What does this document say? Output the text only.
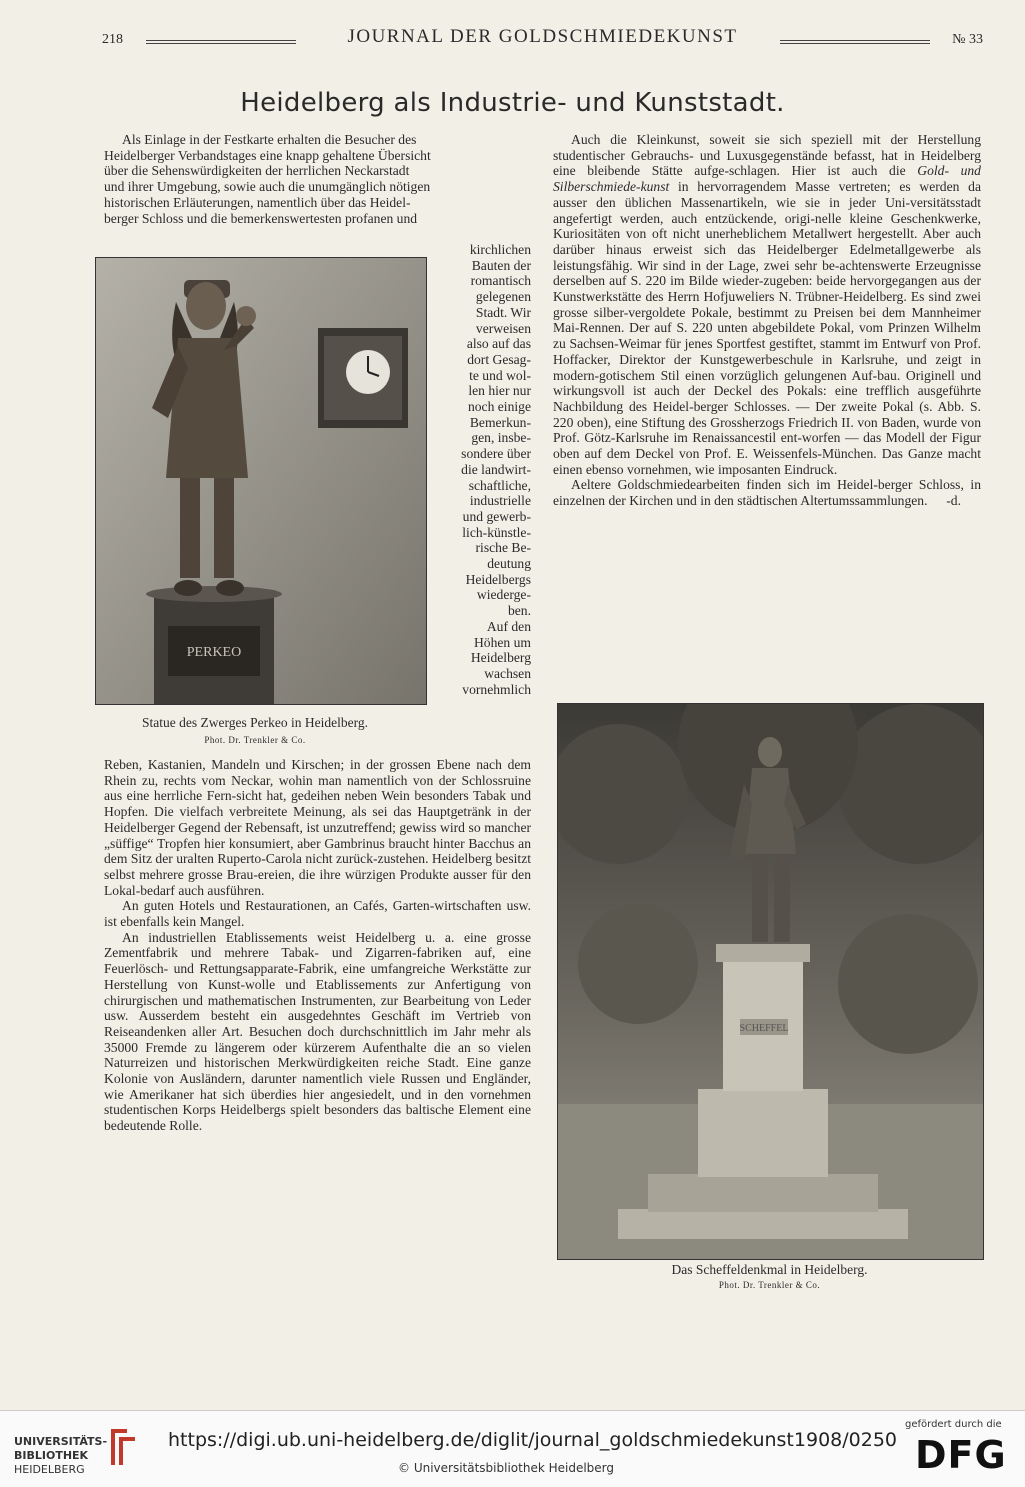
218	JOURNAL DER GOLDSCHMIEDEKUNST	№ 33
Heidelberg als Industrie- und Kunststadt.

Als Einlage in der Festkarte erhalten die Besucher des

Heidelberger Verbandstages eine knapp gehaltene Übersicht

über die Sehenswürdigkeiten der herrlichen Neckarstadt

und ihrer Umgebung, sowie auch die unumgänglich nötigen

historischen Erläuterungen, namentlich über das Heidel-

berger Schloss und die bemerkenswertesten profanen und

kirchlichen
Bauten der
romantisch
gelegenen
Stadt. Wir
verweisen
also auf das
dort Gesag-
te und wol-
len hier nur
noch einige
Bemerkun-
gen, insbe-
sondere über
die landwirt-
schaftliche,
industrielle
und gewerb-
lich-künstle-
rische Be-
deutung
Heidelbergs
wiederge-
ben.
Auf den
Höhen um
Heidelberg
wachsen
vornehmlich
PERKEO
Statue des Zwerges Perkeo in Heidelberg.
Phot. Dr. Trenkler & Co.

Reben, Kastanien, Mandeln und Kirschen; in der grossen Ebene nach dem Rhein zu, rechts vom Neckar, wohin man namentlich von der Schlossruine aus eine herrliche Fern-sicht hat, gedeihen neben Wein besonders Tabak und Hopfen. Die vielfach verbreitete Meinung, als sei das Hauptgetränk in der Heidelberger Gegend der Rebensaft, ist unzutreffend; gewiss wird so mancher „süffige“ Tropfen hier konsumiert, aber Gambrinus braucht hinter Bacchus an dem Sitz der uralten Ruperto-Carola nicht zurück-zustehen. Heidelberg besitzt selbst mehrere grosse Brau-ereien, die ihre würzigen Produkte ausser für den Lokal-bedarf auch ausführen.

An guten Hotels und Restaurationen, an Cafés, Garten-wirtschaften usw. ist ebenfalls kein Mangel.

An industriellen Etablissements weist Heidelberg u. a. eine grosse Zementfabrik und mehrere Tabak- und Zigarren-fabriken auf, eine Feuerlösch- und Rettungsapparate-Fabrik, eine umfangreiche Werkstätte zur Herstellung von Kunst-wolle und Etablissements zur Anfertigung von chirurgischen und mathematischen Instrumenten, zur Bearbeitung von Leder usw. Ausserdem besteht ein ausgedehntes Geschäft im Vertrieb von Reiseandenken aller Art. Besuchen doch durchschnittlich im Jahr mehr als 35000 Fremde zu längerem oder kürzerem Aufenthalte die an so vielen Naturreizen und historischen Merkwürdigkeiten reiche Stadt. Eine ganze Kolonie von Ausländern, darunter namentlich viele Russen und Engländer, wie Amerikaner hat sich überdies hier angesiedelt, und in den vornehmen studentischen Korps Heidelbergs spielt besonders das baltische Element eine bedeutende Rolle.

Auch die Kleinkunst, soweit sie sich speziell mit der Herstellung studentischer Gebrauchs- und Luxusgegenstände befasst, hat in Heidelberg eine bleibende Stätte aufge-schlagen. Hier ist auch die Gold- und Silberschmiede-kunst in hervorragendem Masse vertreten; es werden da ausser den üblichen Massenartikeln, wie sie in jeder Uni-versitätsstadt angefertigt werden, auch entzückende, origi-nelle kleine Geschenkwerke, Kuriositäten von oft nicht unerheblichem Metallwert hergestellt. Aber auch darüber hinaus erweist sich das Heidelberger Edelmetallgewerbe als leistungsfähig. Wir sind in der Lage, zwei sehr be-achtenswerte Erzeugnisse derselben auf S. 220 im Bilde wieder-zugeben: beide hervorgegangen aus der Kunstwerkstätte des Herrn Hofjuweliers N. Trübner-Heidelberg. Es sind zwei grosse silber-vergoldete Pokale, bestimmt zu Preisen bei dem Mannheimer Mai-Rennen. Der auf S. 220 unten abgebildete Pokal, vom Prinzen Wilhelm zu Sachsen-Weimar für jenes Sportfest gestiftet, stammt im Entwurf von Prof. Hoffacker, Direktor der Kunstgewerbeschule in Karlsruhe, und zeigt in modern-gotischem Stil einen vorzüglich gelungenen Auf-bau. Originell und wirkungsvoll ist auch der Deckel des Pokals: eine trefflich ausgeführte Nachbildung des Heidel-berger Schlosses. — Der zweite Pokal (s. Abb. S. 220 oben), eine Stiftung des Grossherzogs Friedrich II. von Baden, wurde von Prof. Götz-Karlsruhe im Renaissancestil ent-worfen — das Modell der Figur oben auf dem Deckel von Prof. E. Weissenfels-München. Das Ganze macht einen ebenso vornehmen, wie imposanten Eindruck.

Aeltere Goldschmiedearbeiten finden sich im Heidel-berger Schloss, in einzelnen der Kirchen und in den städtischen Altertumssammlungen.	-d.

SCHEFFEL
Das Scheffeldenkmal in Heidelberg.
Phot. Dr. Trenkler & Co.
UNIVERSITÄTS-
BIBLIOTHEK
HEIDELBERG
https://digi.ub.uni-heidelberg.de/diglit/journal_goldschmiedekunst1908/0250
© Universitätsbibliothek Heidelberg
gefördert durch die
DFG
